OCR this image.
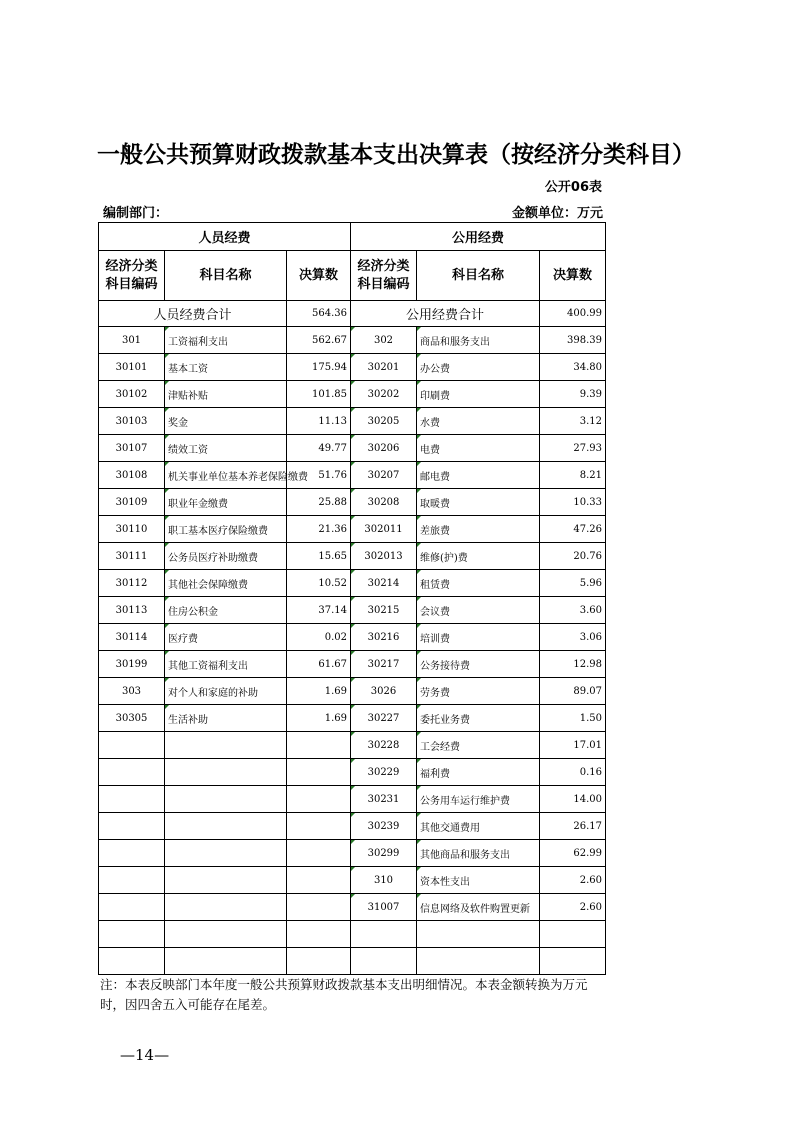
一般公共预算财政拨款基本支出决算表（按经济分类科目）
公开06表
编制部门：	金额单位：万元
人员经费			公用经费		
经济分类科目编码	科目名称	决算数	经济分类科目编码	科目名称	决算数
人员经费合计		564.36	公用经费合计		400.99
301	工资福利支出	562.67	302	商品和服务支出	398.39
30101	基本工资	175.94	30201	办公费	34.80
30102	津贴补贴	101.85	30202	印刷费	9.39
30103	奖金	11.13	30205	水费	3.12
30107	绩效工资	49.77	30206	电费	27.93
30108	机关事业单位基本养老保险缴费	51.76	30207	邮电费	8.21
30109	职业年金缴费	25.88	30208	取暖费	10.33
30110	职工基本医疗保险缴费	21.36	302011	差旅费	47.26
30111	公务员医疗补助缴费	15.65	302013	维修(护)费	20.76
30112	其他社会保障缴费	10.52	30214	租赁费	5.96
30113	住房公积金	37.14	30215	会议费	3.60
30114	医疗费	0.02	30216	培训费	3.06
30199	其他工资福利支出	61.67	30217	公务接待费	12.98
303	对个人和家庭的补助	1.69	3026	劳务费	89.07
30305	生活补助	1.69	30227	委托业务费	1.50
			30228	工会经费	17.01
			30229	福利费	0.16
			30231	公务用车运行维护费	14.00
			30239	其他交通费用	26.17
			30299	其他商品和服务支出	62.99
			310	资本性支出	2.60
			31007	信息网络及软件购置更新	2.60

注：本表反映部门本年度一般公共预算财政拨款基本支出明细情况。本表金额转换为万元时，因四舍五入可能存在尾差。
—14—
